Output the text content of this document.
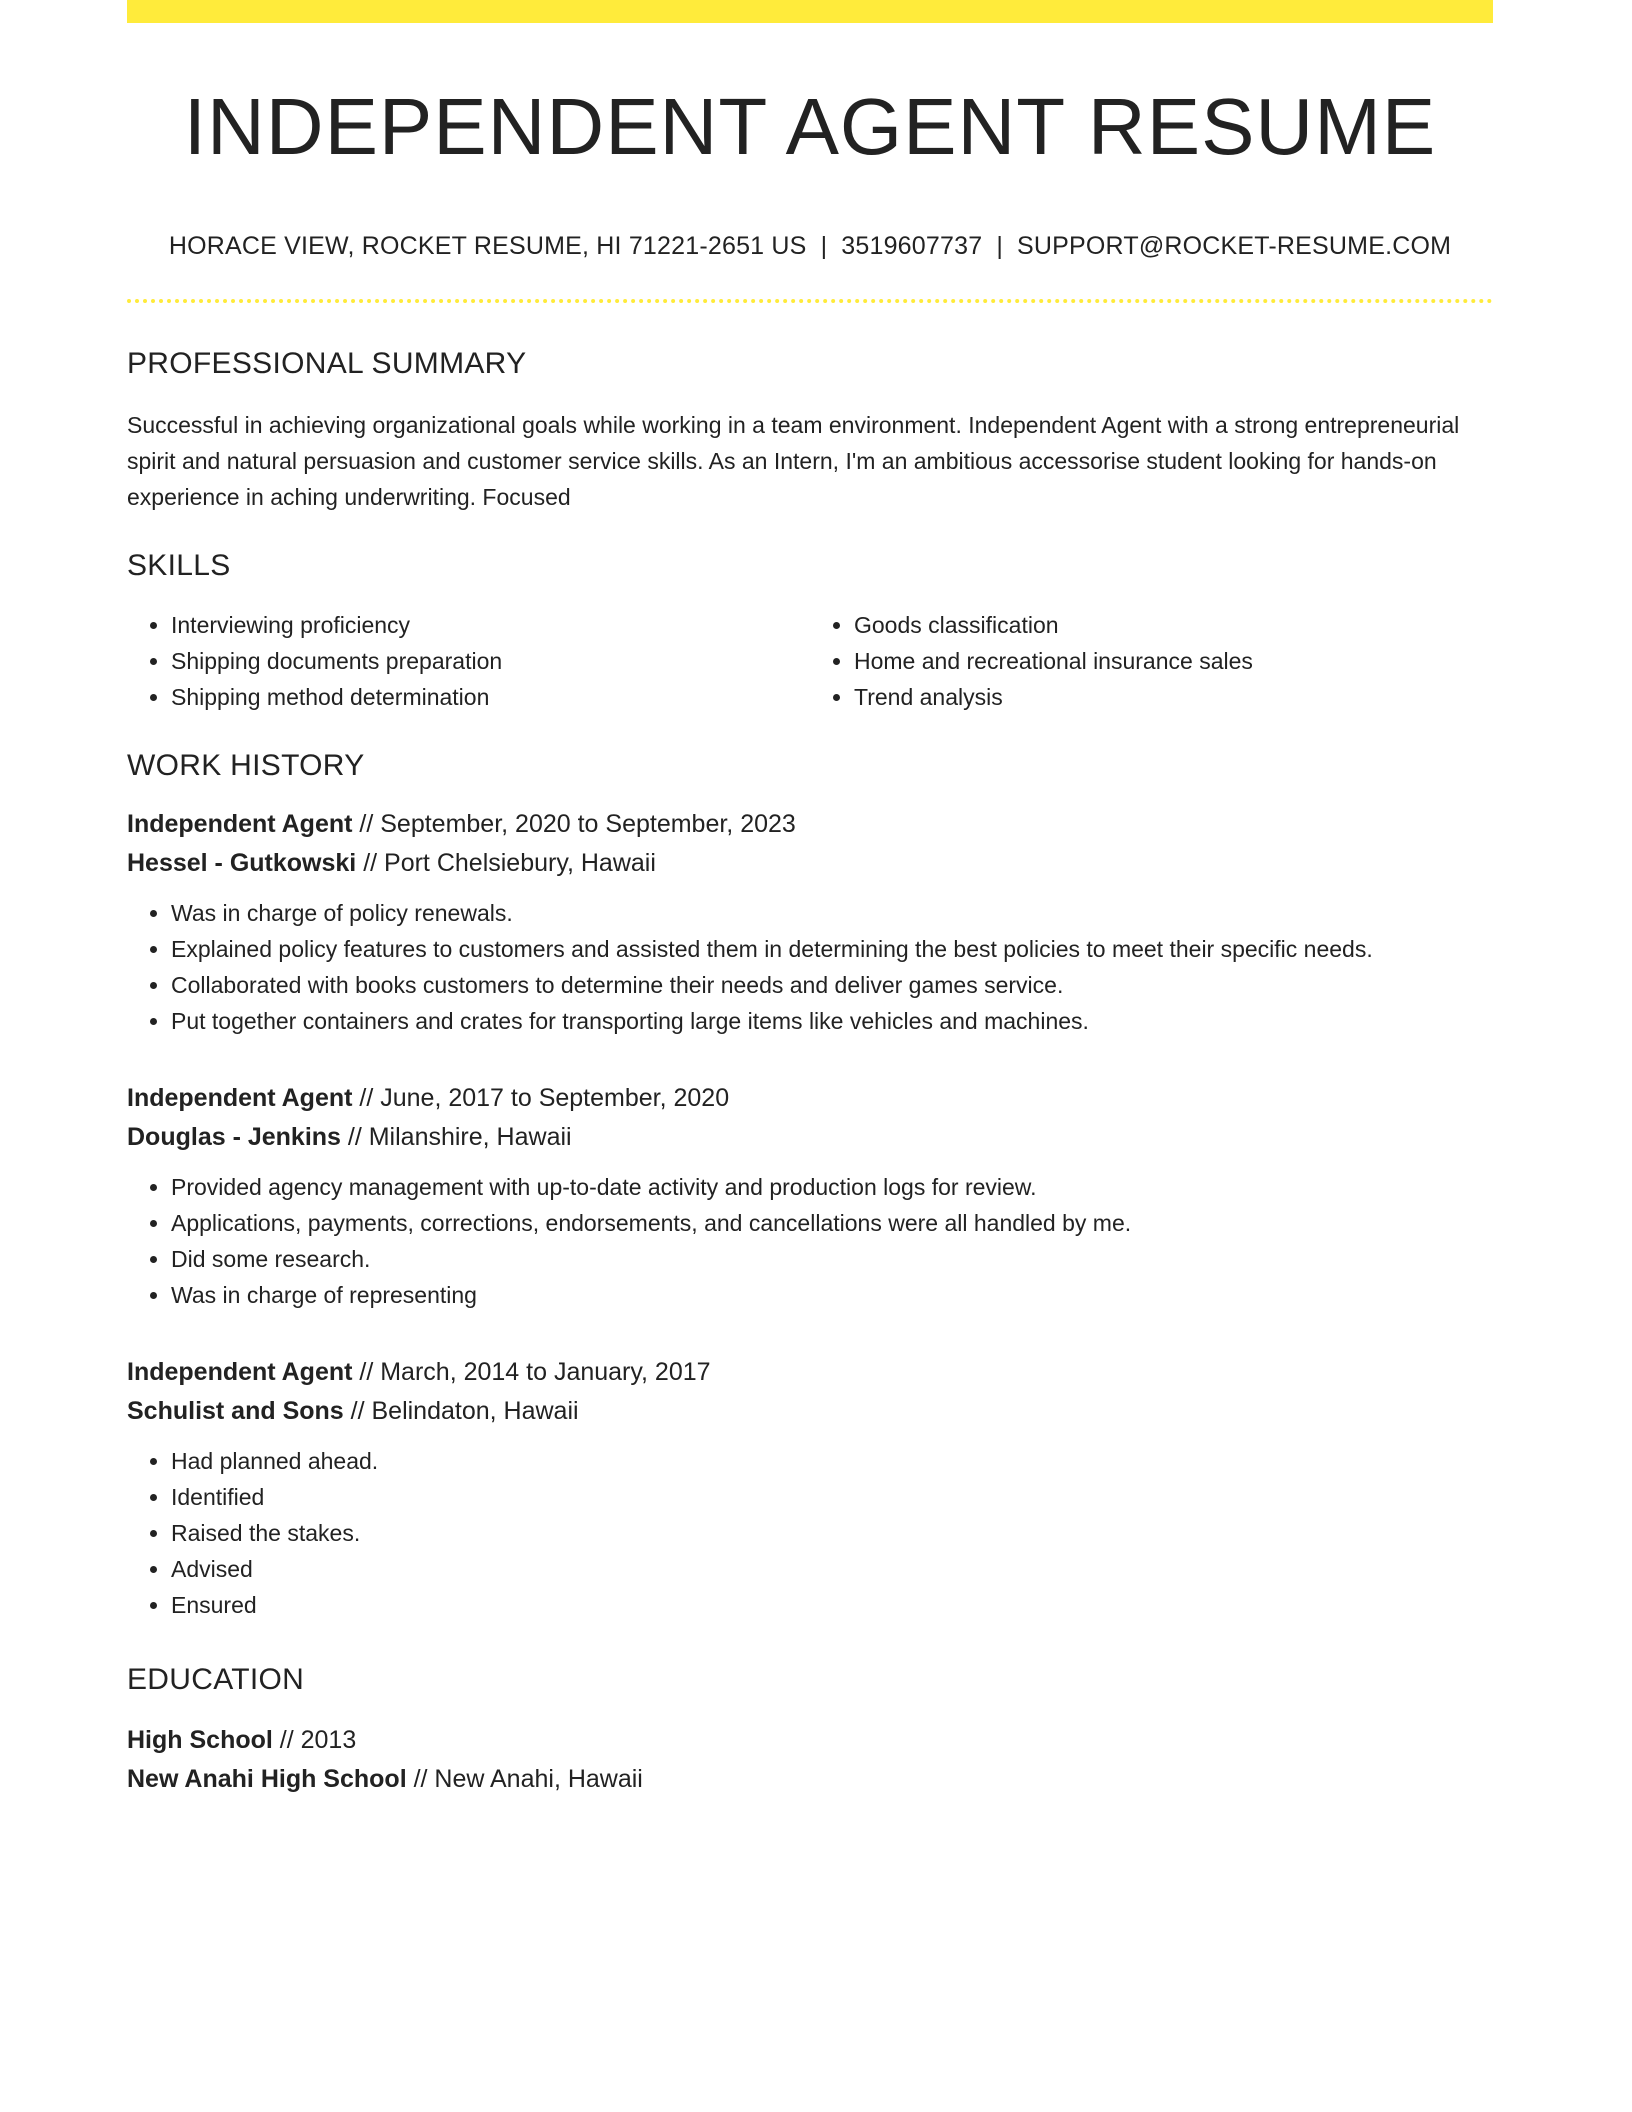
INDEPENDENT AGENT RESUME
HORACE VIEW, ROCKET RESUME, HI 71221-2651 US | 3519607737 | SUPPORT@ROCKET-RESUME.COM
PROFESSIONAL SUMMARY

Successful in achieving organizational goals while working in a team environment. Independent Agent with a strong entrepreneurial spirit and natural persuasion and customer service skills. As an Intern, I'm an ambitious accessorise student looking for hands-on experience in aching underwriting. Focused

SKILLS
• Interviewing proficiency
• Shipping documents preparation
• Shipping method determination
• Goods classification
• Home and recreational insurance sales
• Trend analysis
WORK HISTORY
Independent Agent // September, 2020 to September, 2023
Hessel - Gutkowski // Port Chelsiebury, Hawaii
• Was in charge of policy renewals.
• Explained policy features to customers and assisted them in determining the best policies to meet their specific needs.
• Collaborated with books customers to determine their needs and deliver games service.
• Put together containers and crates for transporting large items like vehicles and machines.
Independent Agent // June, 2017 to September, 2020
Douglas - Jenkins // Milanshire, Hawaii
• Provided agency management with up-to-date activity and production logs for review.
• Applications, payments, corrections, endorsements, and cancellations were all handled by me.
• Did some research.
• Was in charge of representing
Independent Agent // March, 2014 to January, 2017
Schulist and Sons // Belindaton, Hawaii
• Had planned ahead.
• Identified
• Raised the stakes.
• Advised
• Ensured
EDUCATION
High School // 2013
New Anahi High School // New Anahi, Hawaii
